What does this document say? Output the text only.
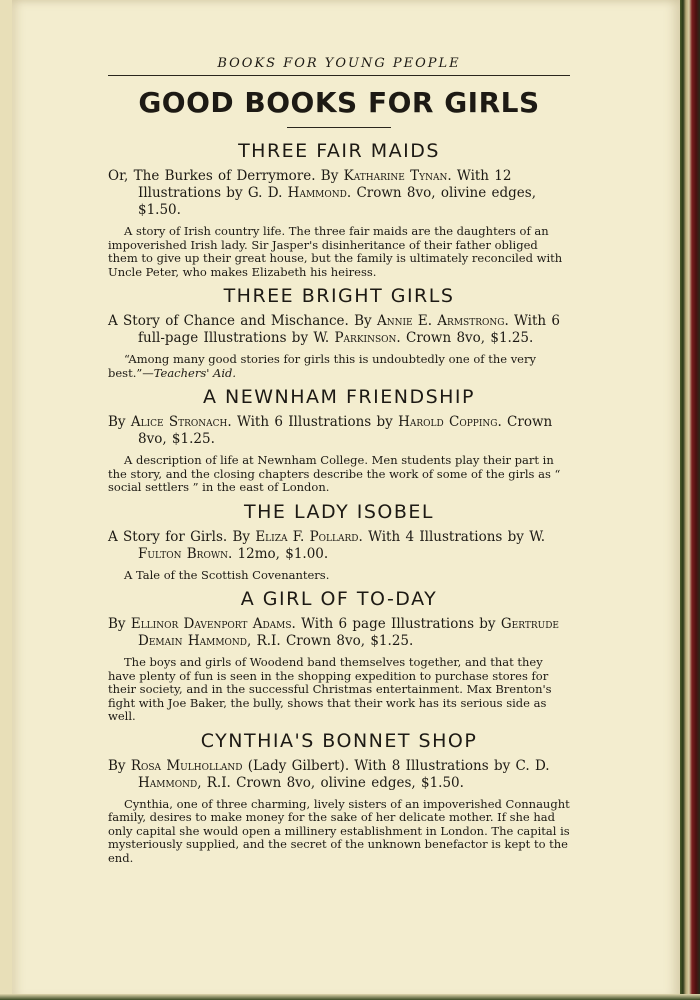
BOOKS FOR YOUNG PEOPLE
GOOD BOOKS FOR GIRLS
THREE FAIR MAIDS

Or, The Burkes of Derrymore. By Katharine Tynan. With 12 Illustrations by G. D. Hammond. Crown 8vo, olivine edges, $1.50.

A story of Irish country life. The three fair maids are the daughters of an impoverished Irish lady. Sir Jasper's disinheritance of their father obliged them to give up their great house, but the family is ultimately reconciled with Uncle Peter, who makes Elizabeth his heiress.

THREE BRIGHT GIRLS

A Story of Chance and Mischance. By Annie E. Armstrong. With 6 full-page Illustrations by W. Parkinson. Crown 8vo, $1.25.

“Among many good stories for girls this is undoubtedly one of the very best.”—Teachers' Aid.

A NEWNHAM FRIENDSHIP

By Alice Stronach. With 6 Illustrations by Harold Copping. Crown 8vo, $1.25.

A description of life at Newnham College. Men students play their part in the story, and the closing chapters describe the work of some of the girls as “ social settlers ” in the east of London.

THE LADY ISOBEL

A Story for Girls. By Eliza F. Pollard. With 4 Illustrations by W. Fulton Brown. 12mo, $1.00.

A Tale of the Scottish Covenanters.

A GIRL OF TO-DAY

By Ellinor Davenport Adams. With 6 page Illustrations by Gertrude Demain Hammond, R.I. Crown 8vo, $1.25.

The boys and girls of Woodend band themselves together, and that they have plenty of fun is seen in the shopping expedition to purchase stores for their society, and in the successful Christmas entertainment. Max Brenton's fight with Joe Baker, the bully, shows that their work has its serious side as well.

CYNTHIA'S BONNET SHOP

By Rosa Mulholland (Lady Gilbert). With 8 Illustrations by C. D. Hammond, R.I. Crown 8vo, olivine edges, $1.50.

Cynthia, one of three charming, lively sisters of an impoverished Connaught family, desires to make money for the sake of her delicate mother. If she had only capital she would open a millinery establishment in London. The capital is mysteriously supplied, and the secret of the unknown benefactor is kept to the end.
